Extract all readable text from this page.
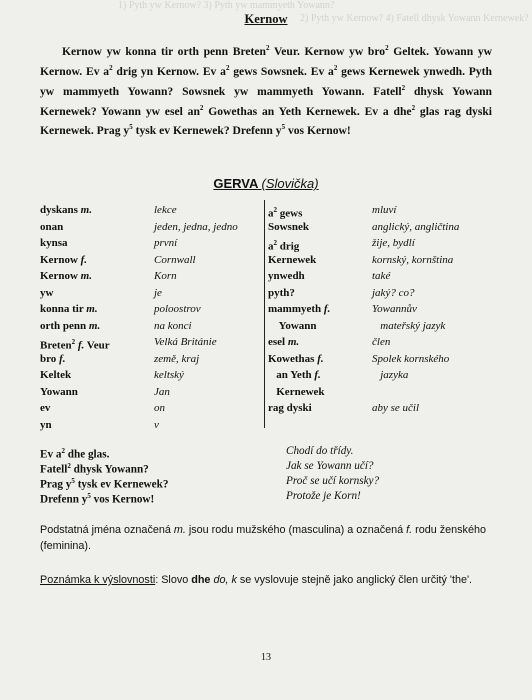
1) Pyth yw Kernow? 3) Pyth yw mammyeth Yowann?
2) Pyth yw Kernow? 4) Fatell dhysk Yowann Kernewek?
Kernow

Kernow yw konna tir orth penn Breten$^2$ Veur. Kernow yw bro$^2$ Geltek. Yowann yw Kernow. Ev $a^2$ drig yn Kernow. Ev $a^2$ gews Sowsnek. Ev $a^2$ gews Kernewek ynwedh. Pyth yw mammyeth Yowann? Sowsnek yw mammyeth Yowann. Fatell$^2$ dhysk Yowann Kernewek? Yowann yw esel $an^2$ Gowethas an Yeth Kernewek. Ev a dhe$^2$ glas rag dyski Kernewek. Prag $y^5$ tysk ev Kernewek? Drefenn $y^5$ vos Kernow!

GERVA (Slovička)
dyskans m.
onan
kynsa
Kernow f.
Kernow m.
yw
konna tir m.
orth penn m.
Breten$^2$ f. Veur
bro f.
Keltek
Yowann
ev
yn
lekce
jeden, jedna, jedno
první
Cornwall
Korn
je
poloostrov
na konci
Velká Británie
země, kraj
keltský
Jan
on
v
$a^2$ gews
Sowsnek
$a^2$ drig
Kernewek
ynwedh
pyth?
mammyeth f.
Yowann
esel m.
Kowethas f.
an Yeth f.
Kernewek
rag dyski
mluví
anglický, angličtina
žije, bydlí
kornský, kornština
také
jaký? co?
Yowannův
mateřský jazyk
člen
Spolek kornského
jazyka
aby se učil
Ev $a^2$ dhe glas.
Fatell$^2$ dhysk Yowann?
Prag $y^5$ tysk ev Kernewek?
Drefenn $y^5$ vos Kernow!
Chodí do třídy.
Jak se Yowann učí?
Proč se učí kornsky?
Protože je Korn!

Podstatná jména označená m. jsou rodu mužského (masculina) a označená f. rodu ženského (feminina).

Poznámka k výslovnosti: Slovo dhe do, k se vyslovuje stejně jako anglický člen určitý 'the'.

13
